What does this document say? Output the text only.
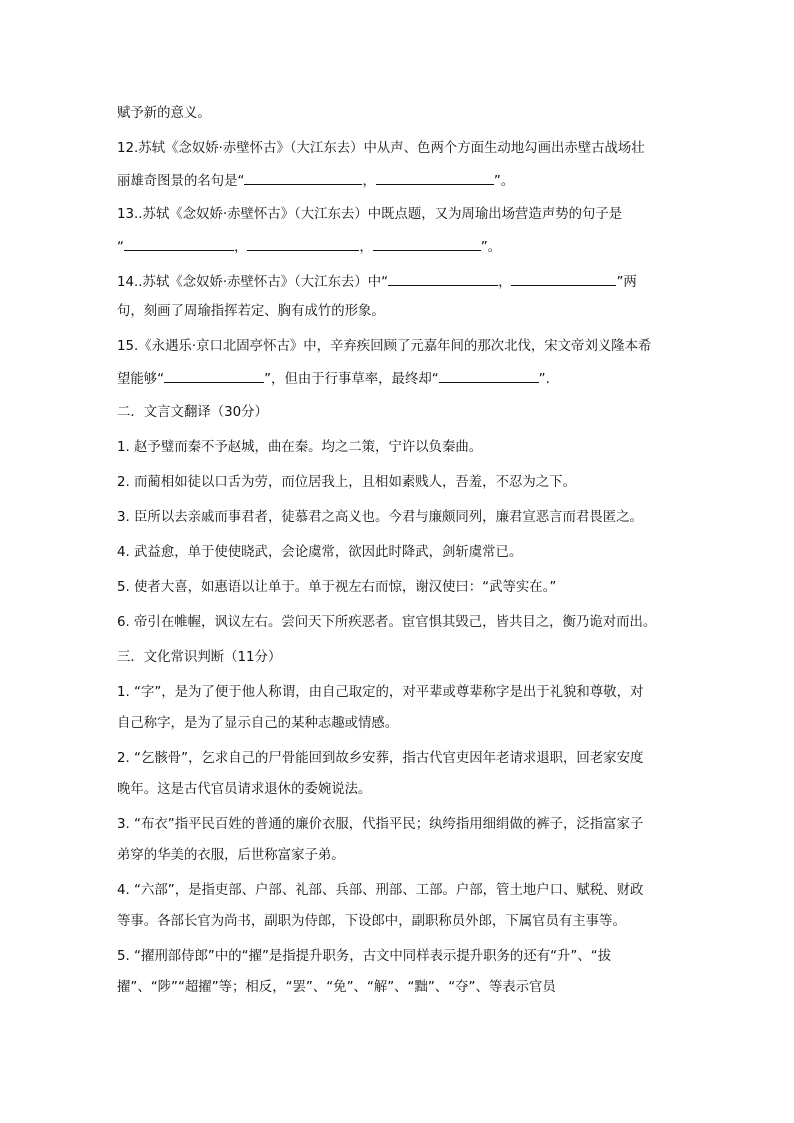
赋予新的意义。
12.苏轼《念奴娇·赤壁怀古》（大江东去）中从声、色两个方面生动地勾画出赤壁古战场壮
丽雄奇图景的名句是“	，	”。
13..苏轼《念奴娇·赤壁怀古》（大江东去）中既点题，又为周瑜出场营造声势的句子是
“	，	，	”。
14..苏轼《念奴娇·赤壁怀古》（大江东去）中“	，	”两
句，刻画了周瑜指挥若定、胸有成竹的形象。
15.《永遇乐·京口北固亭怀古》中，辛弃疾回顾了元嘉年间的那次北伐，宋文帝刘义隆本希
望能够“	”，但由于行事草率，最终却“	”.
二．文言文翻译（30分）
1. 赵予璧而秦不予赵城，曲在秦。均之二策，宁许以负秦曲。
2. 而蔺相如徒以口舌为劳，而位居我上，且相如素贱人，吾羞，不忍为之下。
3. 臣所以去亲戚而事君者，徒慕君之高义也。今君与廉颇同列，廉君宣恶言而君畏匿之。
4. 武益愈，单于使使晓武，会论虞常，欲因此时降武，剑斩虞常已。
5. 使者大喜，如惠语以让单于。单于视左右而惊，谢汉使曰：“武等实在。”
6. 帝引在帷幄，讽议左右。尝问天下所疾恶者。宦官惧其毁己，皆共目之，衡乃诡对而出。
三．文化常识判断（11分）
1. “字”，是为了便于他人称谓，由自己取定的，对平辈或尊辈称字是出于礼貌和尊敬，对
自己称字，是为了显示自己的某种志趣或情感。
2. “乞骸骨”，乞求自己的尸骨能回到故乡安葬，指古代官吏因年老请求退职，回老家安度
晚年。这是古代官员请求退休的委婉说法。
3. “布衣”指平民百姓的普通的廉价衣服，代指平民；纨绔指用细绢做的裤子，泛指富家子
弟穿的华美的衣服，后世称富家子弟。
4. “六部”，是指吏部、户部、礼部、兵部、刑部、工部。户部，管土地户口、赋税、财政
等事。各部长官为尚书，副职为侍郎，下设郎中，副职称员外郎，下属官员有主事等。
5. “擢刑部侍郎”中的“擢”是指提升职务，古文中同样表示提升职务的还有“升”、“拔
擢”、“陟”“超擢”等；相反，“罢”、“免”、“解”、“黜”、“夺”、等表示官员
